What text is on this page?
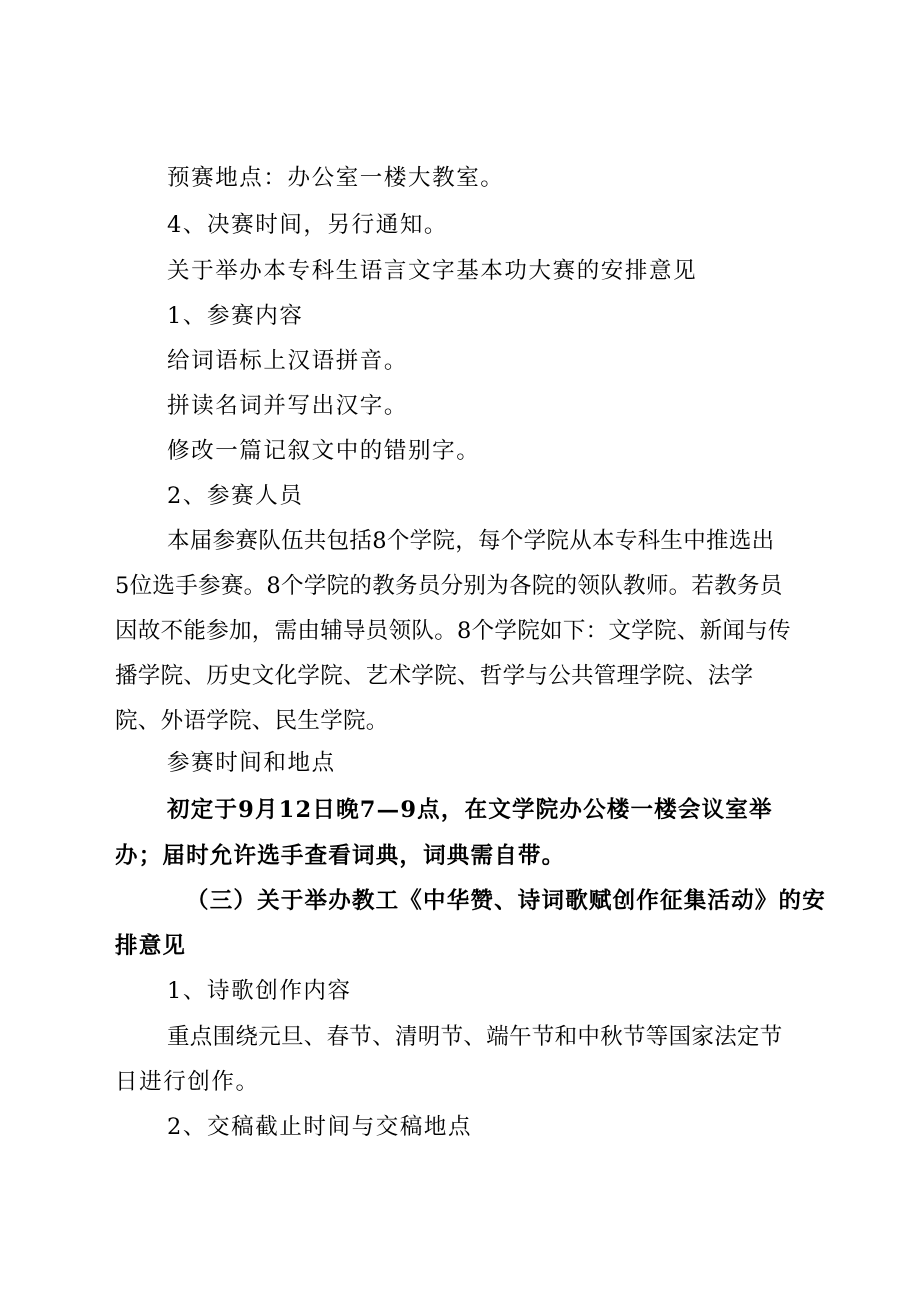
预赛地点：办公室一楼大教室。
4、决赛时间，另行通知。
关于举办本专科生语言文字基本功大赛的安排意见
1、参赛内容
给词语标上汉语拼音。
拼读名词并写出汉字。
修改一篇记叙文中的错别字。
2、参赛人员
本届参赛队伍共包括8个学院，每个学院从本专科生中推选出
5位选手参赛。8个学院的教务员分别为各院的领队教师。若教务员
因故不能参加，需由辅导员领队。8个学院如下：文学院、新闻与传
播学院、历史文化学院、艺术学院、哲学与公共管理学院、法学
院、外语学院、民生学院。
参赛时间和地点
初定于9月12日晚7—9点，在文学院办公楼一楼会议室举
办；届时允许选手查看词典，词典需自带。
（三）关于举办教工《中华赞、诗词歌赋创作征集活动》的安
排意见
1、诗歌创作内容
重点围绕元旦、春节、清明节、端午节和中秋节等国家法定节
日进行创作。
2、交稿截止时间与交稿地点
